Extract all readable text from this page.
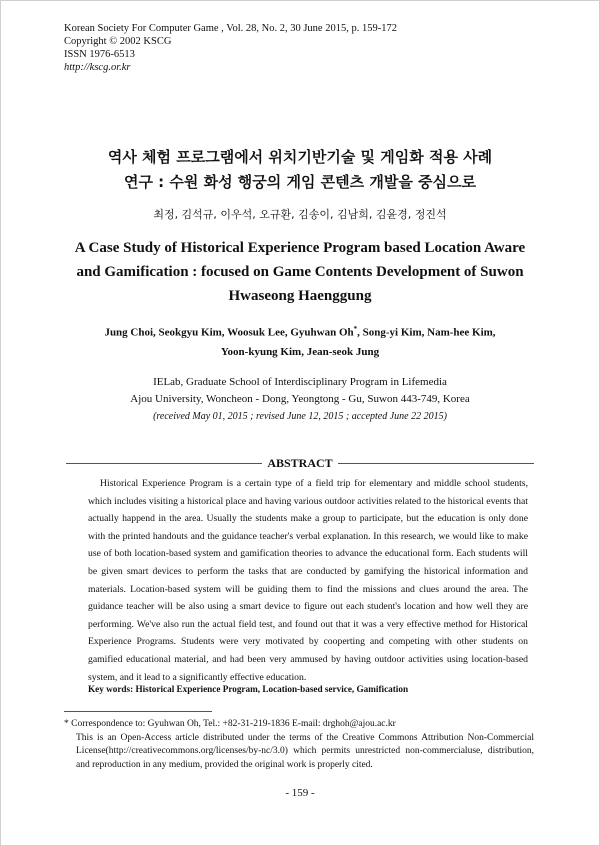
Korean Society For Computer Game , Vol. 28, No. 2, 30 June 2015, p. 159-172
Copyright © 2002 KSCG
ISSN 1976-6513
http://kscg.or.kr
역사 체험 프로그램에서 위치기반기술 및 게임화 적용 사례
연구 : 수원 화성 행궁의 게임 콘텐츠 개발을 중심으로
최정, 김석규, 이우석, 오규환, 김송이, 김남희, 김윤경, 정진석
A Case Study of Historical Experience Program based Location Aware
and Gamification : focused on Game Contents Development of Suwon
Hwaseong Haenggung
Jung Choi, Seokgyu Kim, Woosuk Lee, Gyuhwan Oh*, Song-yi Kim, Nam-hee Kim,
Yoon-kyung Kim, Jean-seok Jung
IELab, Graduate School of Interdisciplinary Program in Lifemedia
Ajou University, Woncheon - Dong, Yeongtong - Gu, Suwon 443-749, Korea
(received May 01, 2015 ; revised June 12, 2015 ; accepted June 22 2015)
ABSTRACT

Historical Experience Program is a certain type of a field trip for elementary and middle school students, which includes visiting a historical place and having various outdoor activities related to the historical events that actually happend in the area. Usually the students make a group to participate, but the education is only done with the printed handouts and the guidance teacher's verbal explanation. In this research, we would like to make use of both location-based system and gamification theories to advance the educational form. Each students will be given smart devices to perform the tasks that are conducted by gamifying the historical information and materials. Location-based system will be guiding them to find the missions and clues around the area. The guidance teacher will be also using a smart device to figure out each student's location and how well they are performing. We've also run the actual field test, and found out that it was a very effective method for Historical Experience Programs. Students were very motivated by cooperting and competing with other students on gamified educational material, and had been very ammused by having outdoor activities using location-based system, and it lead to a significantly effective education.

Key words: Historical Experience Program, Location-based service, Gamification
* Correspondence to: Gyuhwan Oh, Tel.: +82-31-219-1836 E-mail: drghoh@ajou.ac.kr
This is an Open-Access article distributed under the terms of the Creative Commons Attribution Non-Commercial License(http://creativecommons.org/licenses/by-nc/3.0) which permits unrestricted non-commercialuse, distribution, and reproduction in any medium, provided the original work is properly cited.
- 159 -
